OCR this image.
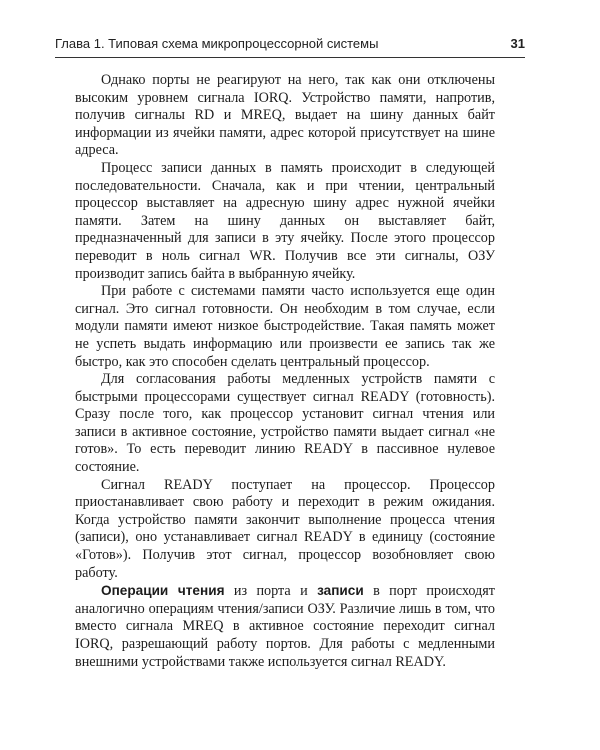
Глава 1. Типовая схема микропроцессорной системы	31

Однако порты не реагируют на него, так как они отключены высоким уровнем сигнала IORQ. Устройство памяти, напротив, получив сигналы RD и MREQ, выдает на шину данных байт информации из ячейки памяти, адрес которой присутствует на шине адреса.

Процесс записи данных в память происходит в следующей последовательности. Сначала, как и при чтении, центральный процессор выставляет на адресную шину адрес нужной ячейки памяти. Затем на шину данных он выставляет байт, предназначенный для записи в эту ячейку. После этого процессор переводит в ноль сигнал WR. Получив все эти сигналы, ОЗУ производит запись байта в выбранную ячейку.

При работе с системами памяти часто используется еще один сигнал. Это сигнал готовности. Он необходим в том случае, если модули памяти имеют низкое быстродействие. Такая память может не успеть выдать информацию или произвести ее запись так же быстро, как это способен сделать центральный процессор.

Для согласования работы медленных устройств памяти с быстрыми процессорами существует сигнал READY (готовность). Сразу после того, как процессор установит сигнал чтения или записи в активное состояние, устройство памяти выдает сигнал «не готов». То есть переводит линию READY в пассивное нулевое состояние.

Сигнал READY поступает на процессор. Процессор приостанавливает свою работу и переходит в режим ожидания. Когда устройство памяти закончит выполнение процесса чтения (записи), оно устанавливает сигнал READY в единицу (состояние «Готов»). Получив этот сигнал, процессор возобновляет свою работу.

Операции чтения из порта и записи в порт происходят аналогично операциям чтения/записи ОЗУ. Различие лишь в том, что вместо сигнала MREQ в активное состояние переходит сигнал IORQ, разрешающий работу портов. Для работы с медленными внешними устройствами также используется сигнал READY.
